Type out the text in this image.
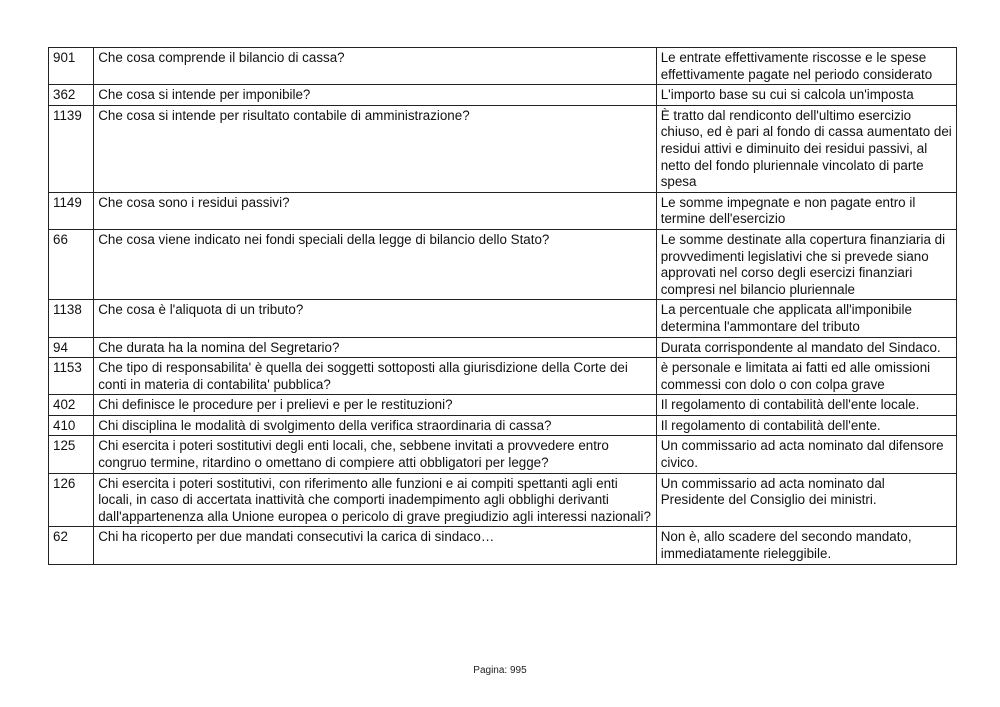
901	Che cosa comprende il bilancio di cassa?	Le entrate effettivamente riscosse e le spese effettivamente pagate nel periodo considerato
362	Che cosa si intende per imponibile?	L'importo base su cui si calcola un'imposta
1139	Che cosa si intende per risultato contabile di amministrazione?	È tratto dal rendiconto dell'ultimo esercizio chiuso, ed è pari al fondo di cassa aumentato dei residui attivi e diminuito dei residui passivi, al netto del fondo pluriennale vincolato di parte spesa
1149	Che cosa sono i residui passivi?	Le somme impegnate e non pagate entro il termine dell'esercizio
66	Che cosa viene indicato nei fondi speciali della legge di bilancio dello Stato?	Le somme destinate alla copertura finanziaria di provvedimenti legislativi che si prevede siano approvati nel corso degli esercizi finanziari compresi nel bilancio pluriennale
1138	Che cosa è l'aliquota di un tributo?	La percentuale che applicata all'imponibile determina l'ammontare del tributo
94	Che durata ha la nomina del Segretario?	Durata corrispondente al mandato del Sindaco.
1153	Che tipo di responsabilita' è quella dei soggetti sottoposti alla giurisdizione della Corte dei conti in materia di contabilita' pubblica?	è personale e limitata ai fatti ed alle omissioni commessi con dolo o con colpa grave
402	Chi definisce le procedure per i prelievi e per le restituzioni?	Il regolamento di contabilità dell'ente locale.
410	Chi disciplina le modalità di svolgimento della verifica straordinaria di cassa?	Il regolamento di contabilità dell'ente.
125	Chi esercita i poteri sostitutivi degli enti locali, che, sebbene invitati a provvedere entro congruo termine, ritardino o omettano di compiere atti obbligatori per legge?	Un commissario ad acta nominato dal difensore civico.
126	Chi esercita i poteri sostitutivi, con riferimento alle funzioni e ai compiti spettanti agli enti locali, in caso di accertata inattività che comporti inadempimento agli obblighi derivanti dall'appartenenza alla Unione europea o pericolo di grave pregiudizio agli interessi nazionali?	Un commissario ad acta nominato dal Presidente del Consiglio dei ministri.
62	Chi ha ricoperto per due mandati consecutivi la carica di sindaco…	Non è, allo scadere del secondo mandato, immediatamente rieleggibile.
Pagina: 995
